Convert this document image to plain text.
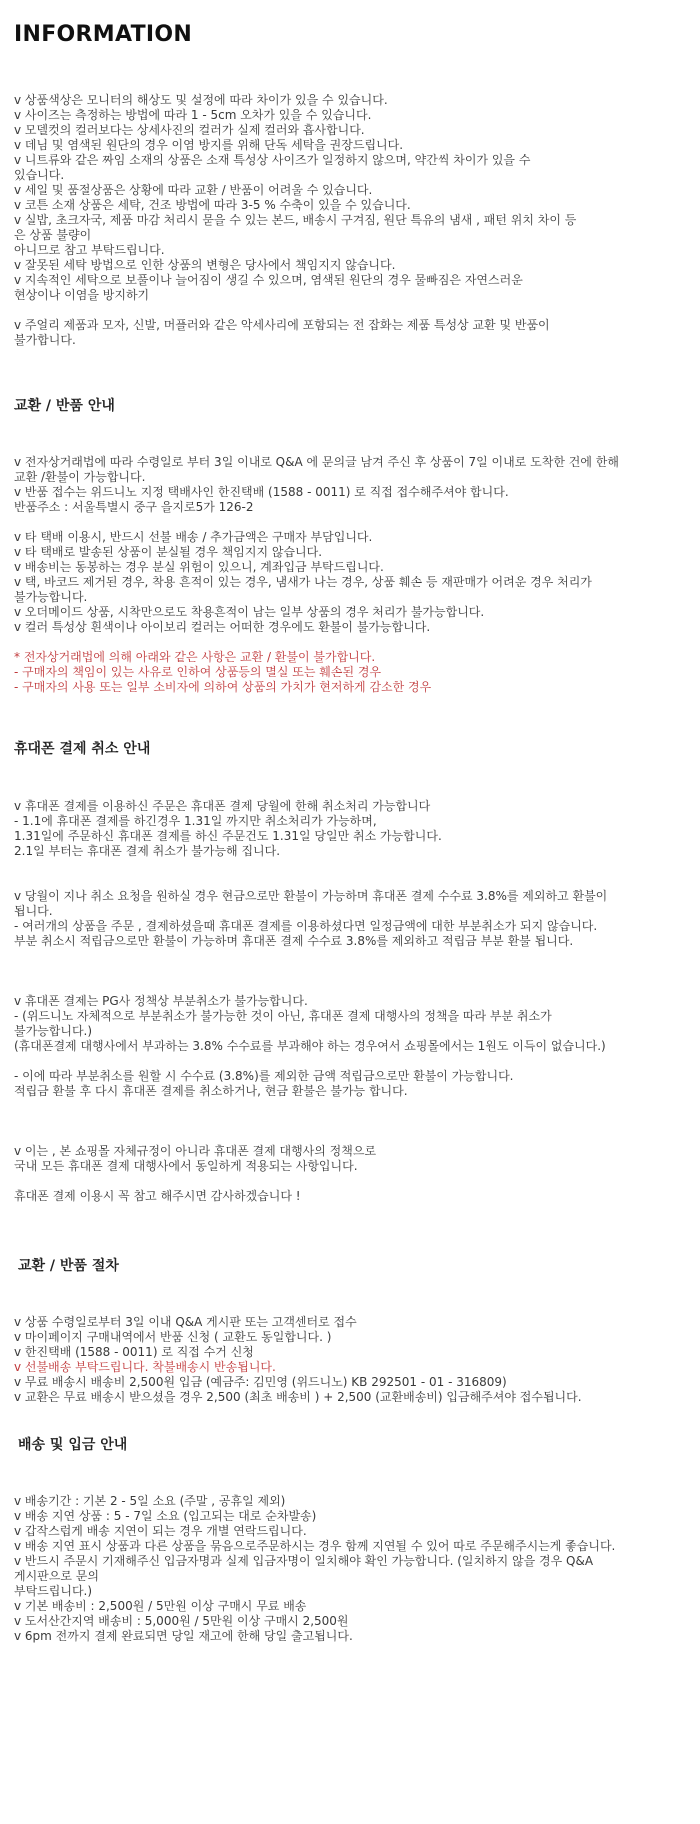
INFORMATION
v 상품색상은 모니터의 해상도 및 설정에 따라 차이가 있을 수 있습니다.
v 사이즈는 측정하는 방법에 따라 1 - 5cm 오차가 있을 수 있습니다.
v 모델컷의 컬러보다는 상세사진의 컬러가 실제 컬러와 흡사합니다.
v 데님 및 염색된 원단의 경우 이염 방지를 위해 단독 세탁을 권장드립니다.
v 니트류와 같은 짜임 소재의 상품은 소재 특성상 사이즈가 일정하지 않으며, 약간씩 차이가 있을 수
있습니다.
v 세일 및 품절상품은 상황에 따라 교환 / 반품이 어려울 수 있습니다.
v 코튼 소재 상품은 세탁, 건조 방법에 따라 3-5 % 수축이 있을 수 있습니다.
v 실밥, 초크자국, 제품 마감 처리시 묻을 수 있는 본드, 배송시 구겨짐, 원단 특유의 냄새 , 패턴 위치 차이 등
은 상품 불량이
아니므로 참고 부탁드립니다.
v 잘못된 세탁 방법으로 인한 상품의 변형은 당사에서 책임지지 않습니다.
v 지속적인 세탁으로 보풀이나 늘어짐이 생길 수 있으며, 염색된 원단의 경우 물빠짐은 자연스러운
현상이나 이염을 방지하기
v 주얼리 제품과 모자, 신발, 머플러와 같은 악세사리에 포함되는 전 잡화는 제품 특성상 교환 및 반품이
불가합니다.
교환 / 반품 안내
v 전자상거래법에 따라 수령일로 부터 3일 이내로 Q&A 에 문의글 남겨 주신 후 상품이 7일 이내로 도착한 건에 한해
교환 /환불이 가능합니다.
v 반품 접수는 위드니노 지정 택배사인 한진택배 (1588 - 0011) 로 직접 접수해주셔야 합니다.
반품주소 : 서울특별시 중구 을지로5가 126-2
v 타 택배 이용시, 반드시 선불 배송 / 추가금액은 구매자 부담입니다.
v 타 택배로 발송된 상품이 분실될 경우 책임지지 않습니다.
v 배송비는 동봉하는 경우 분실 위험이 있으니, 계좌입금 부탁드립니다.
v 택, 바코드 제거된 경우, 착용 흔적이 있는 경우, 냄새가 나는 경우, 상품 훼손 등 재판매가 어려운 경우 처리가
불가능합니다.
v 오더메이드 상품, 시착만으로도 착용흔적이 남는 일부 상품의 경우 처리가 불가능합니다.
v 컬러 특성상 흰색이나 아이보리 컬러는 어떠한 경우에도 환불이 불가능합니다.
* 전자상거래법에 의해 아래와 같은 사항은 교환 / 환불이 불가합니다.
- 구매자의 책임이 있는 사유로 인하여 상품등의 멸실 또는 훼손된 경우
- 구매자의 사용 또는 일부 소비자에 의하여 상품의 가치가 현저하게 감소한 경우
휴대폰 결제 취소 안내
v 휴대폰 결제를 이용하신 주문은 휴대폰 결제 당월에 한해 취소처리 가능합니다
- 1.1에 휴대폰 결제를 하긴경우 1.31일 까지만 취소처리가 가능하며,
1.31일에 주문하신 휴대폰 결제를 하신 주문건도 1.31일 당일만 취소 가능합니다.
2.1일 부터는 휴대폰 결제 취소가 불가능해 집니다.
v 당월이 지나 취소 요청을 원하실 경우 현금으로만 환불이 가능하며 휴대폰 결제 수수료 3.8%를 제외하고 환불이
됩니다.
- 여러개의 상품을 주문 , 결제하셨을때 휴대폰 결제를 이용하셨다면 일정금액에 대한 부분취소가 되지 않습니다.
부분 취소시 적립금으로만 환불이 가능하며 휴대폰 결제 수수료 3.8%를 제외하고 적립금 부분 환불 됩니다.
v 휴대폰 결제는 PG사 정책상 부분취소가 불가능합니다.
- (위드니노 자체적으로 부분취소가 불가능한 것이 아닌, 휴대폰 결제 대행사의 정책을 따라 부분 취소가
불가능합니다.)
(휴대폰결제 대행사에서 부과하는 3.8% 수수료를 부과해야 하는 경우여서 쇼핑몰에서는 1원도 이득이 없습니다.)
- 이에 따라 부분취소를 원할 시 수수료 (3.8%)를 제외한 금액 적립금으로만 환불이 가능합니다.
적립금 환불 후 다시 휴대폰 결제를 취소하거나, 현금 환불은 불가능 합니다.
v 이는 , 본 쇼핑몰 자체규정이 아니라 휴대폰 결제 대행사의 정책으로
국내 모든 휴대폰 결제 대행사에서 동일하게 적용되는 사항입니다.
휴대폰 결제 이용시 꼭 참고 해주시면 감사하겠습니다 !
교환 / 반품 절차
v 상품 수령일로부터 3일 이내 Q&A 게시판 또는 고객센터로 접수
v 마이페이지 구매내역에서 반품 신청 ( 교환도 동일합니다. )
v 한진택배 (1588 - 0011) 로 직접 수거 신청
v 선불배송 부탁드립니다. 착불배송시 반송됩니다.
v 무료 배송시 배송비 2,500원 입금 (예금주: 김민영 (위드니노) KB 292501 - 01 - 316809)
v 교환은 무료 배송시 받으셨을 경우 2,500 (최초 배송비 ) + 2,500 (교환배송비) 입금해주셔야 접수됩니다.
배송 및 입금 안내
v 배송기간 : 기본 2 - 5일 소요 (주말 , 공휴일 제외)
v 배송 지연 상품 : 5 - 7일 소요 (입고되는 대로 순차발송)
v 갑작스럽게 배송 지연이 되는 경우 개별 연락드립니다.
v 배송 지연 표시 상품과 다른 상품을 묶음으로주문하시는 경우 함께 지연될 수 있어 따로 주문해주시는게 좋습니다.
v 반드시 주문시 기재해주신 입금자명과 실제 입금자명이 일치해야 확인 가능합니다. (일치하지 않을 경우 Q&A
게시판으로 문의
부탁드립니다.)
v 기본 배송비 : 2,500원 / 5만원 이상 구매시 무료 배송
v 도서산간지역 배송비 : 5,000원 / 5만원 이상 구매시 2,500원
v 6pm 전까지 결제 완료되면 당일 재고에 한해 당일 출고됩니다.
